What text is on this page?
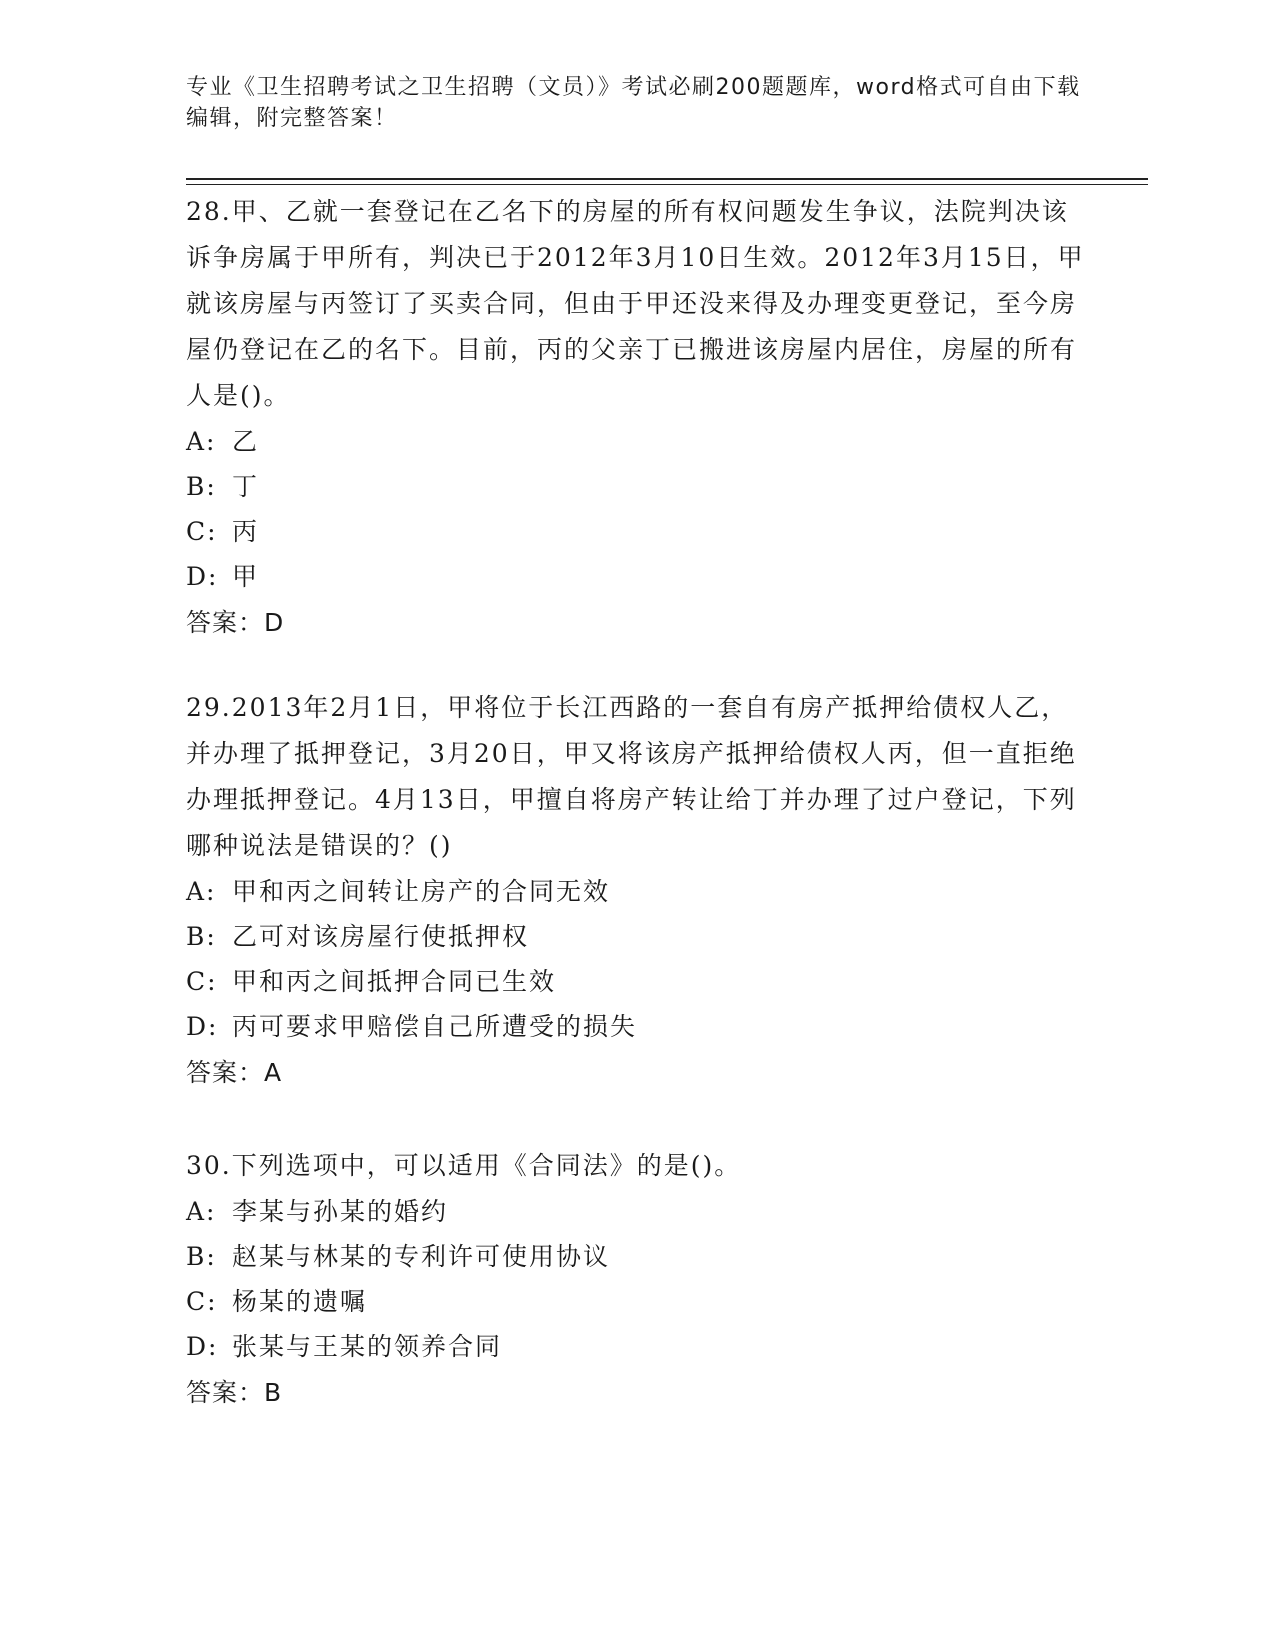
专业《卫生招聘考试之卫生招聘（文员）》考试必刷200题题库，word格式可自由下载编辑，附完整答案！

28.甲、乙就一套登记在乙名下的房屋的所有权问题发生争议，法院判决该诉争房属于甲所有，判决已于2012年3月10日生效。2012年3月15日，甲就该房屋与丙签订了买卖合同，但由于甲还没来得及办理变更登记，至今房屋仍登记在乙的名下。目前，丙的父亲丁已搬进该房屋内居住，房屋的所有人是()。

A: 乙

B: 丁

C: 丙

D: 甲

答案：D

29.2013年2月1日，甲将位于长江西路的一套自有房产抵押给债权人乙，并办理了抵押登记，3月20日，甲又将该房产抵押给债权人丙，但一直拒绝办理抵押登记。4月13日，甲擅自将房产转让给丁并办理了过户登记，下列哪种说法是错误的？()

A: 甲和丙之间转让房产的合同无效

B: 乙可对该房屋行使抵押权

C: 甲和丙之间抵押合同已生效

D: 丙可要求甲赔偿自己所遭受的损失

答案：A

30.下列选项中，可以适用《合同法》的是()。

A: 李某与孙某的婚约

B: 赵某与林某的专利许可使用协议

C: 杨某的遗嘱

D: 张某与王某的领养合同

答案：B
